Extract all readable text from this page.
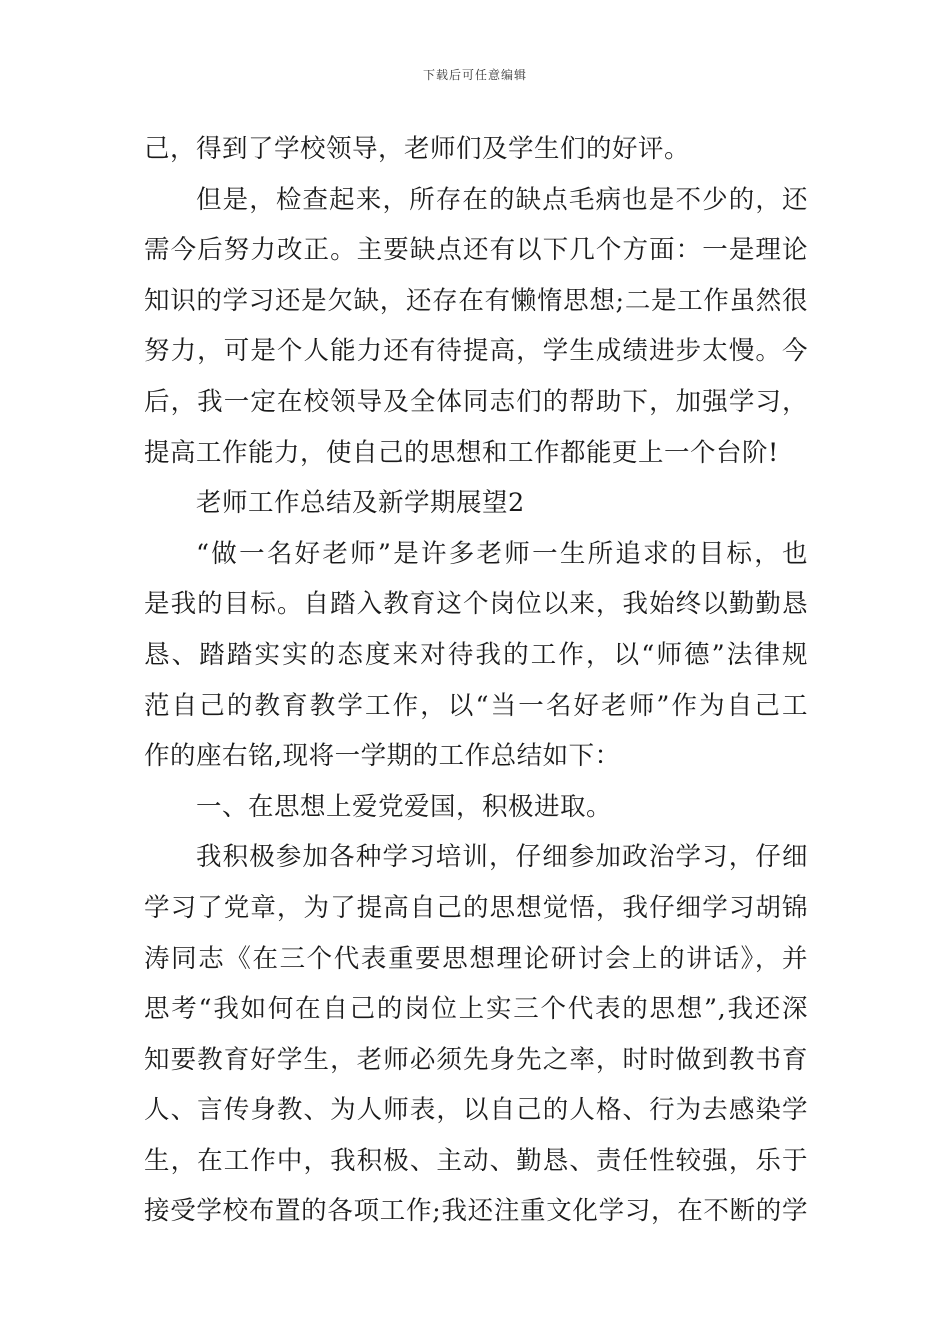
下载后可任意编辑
己，得到了学校领导，老师们及学生们的好评。
但是，检查起来，所存在的缺点毛病也是不少的，还
需今后努力改正。主要缺点还有以下几个方面：一是理论
知识的学习还是欠缺，还存在有懒惰思想;二是工作虽然很
努力，可是个人能力还有待提高，学生成绩进步太慢。今
后，我一定在校领导及全体同志们的帮助下，加强学习，
提高工作能力，使自己的思想和工作都能更上一个台阶!
老师工作总结及新学期展望2
“做一名好老师”是许多老师一生所追求的目标，也
是我的目标。自踏入教育这个岗位以来，我始终以勤勤恳
恳、踏踏实实的态度来对待我的工作，以“师德”法律规
范自己的教育教学工作，以“当一名好老师”作为自己工
作的座右铭,现将一学期的工作总结如下：
一、在思想上爱党爱国，积极进取。
我积极参加各种学习培训，仔细参加政治学习，仔细
学习了党章，为了提高自己的思想觉悟，我仔细学习胡锦
涛同志《在三个代表重要思想理论研讨会上的讲话》，并
思考“我如何在自己的岗位上实三个代表的思想”,我还深
知要教育好学生，老师必须先身先之率，时时做到教书育
人、言传身教、为人师表，以自己的人格、行为去感染学
生，在工作中，我积极、主动、勤恳、责任性较强，乐于
接受学校布置的各项工作;我还注重文化学习，在不断的学
